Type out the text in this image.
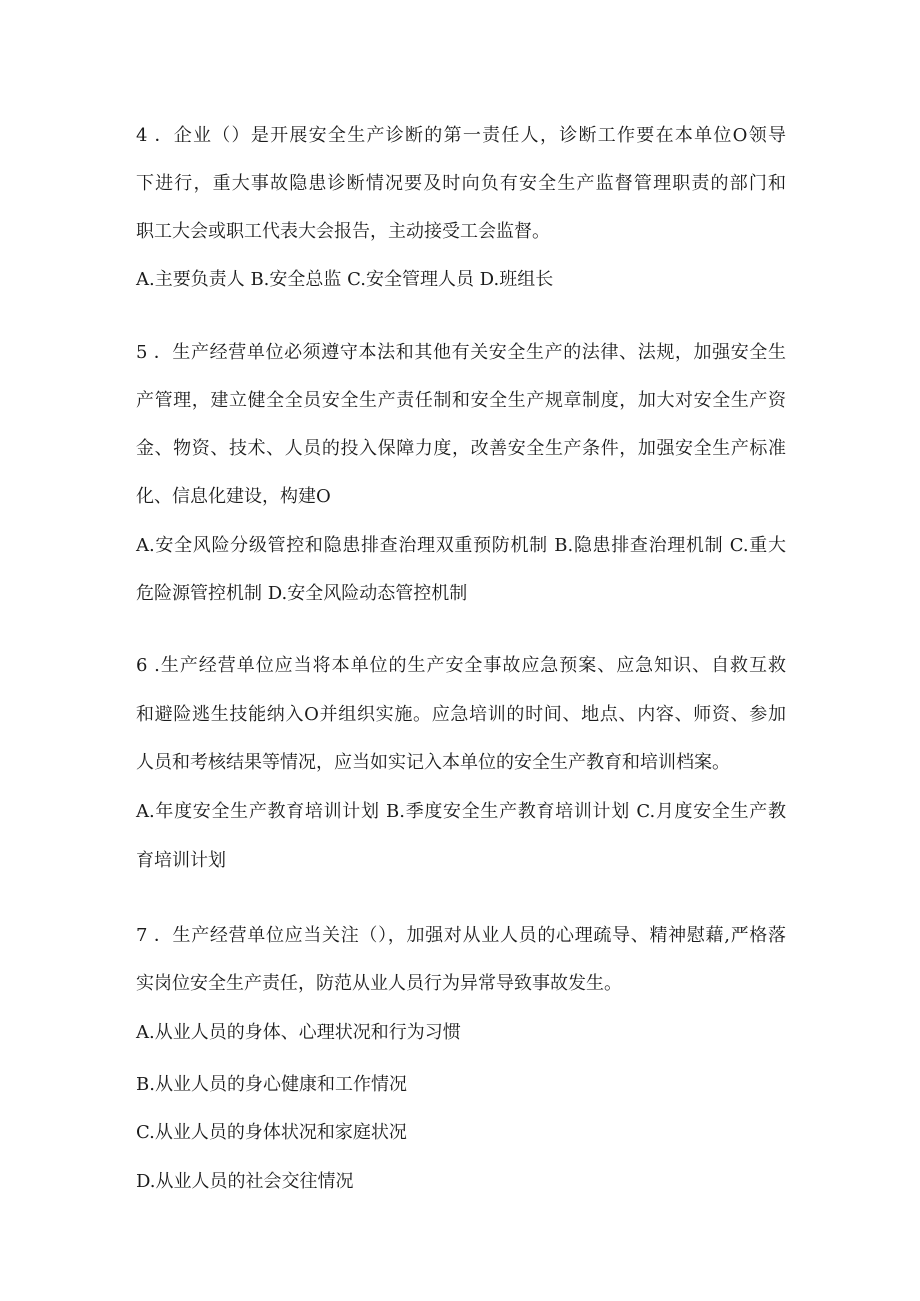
4 ．企业（）是开展安全生产诊断的第一责任人，诊断工作要在本单位O领导
下进行，重大事故隐患诊断情况要及时向负有安全生产监督管理职责的部门和
职工大会或职工代表大会报告，主动接受工会监督。
A.主要负责人 B.安全总监 C.安全管理人员 D.班组长
5 ．生产经营单位必须遵守本法和其他有关安全生产的法律、法规，加强安全生
产管理，建立健全全员安全生产责任制和安全生产规章制度，加大对安全生产资
金、物资、技术、人员的投入保障力度，改善安全生产条件，加强安全生产标准
化、信息化建设，构建O
A.安全风险分级管控和隐患排查治理双重预防机制 B.隐患排查治理机制 C.重大
危险源管控机制 D.安全风险动态管控机制
6 .生产经营单位应当将本单位的生产安全事故应急预案、应急知识、自救互救
和避险逃生技能纳入O并组织实施。应急培训的时间、地点、内容、师资、参加
人员和考核结果等情况，应当如实记入本单位的安全生产教育和培训档案。
A.年度安全生产教育培训计划 B.季度安全生产教育培训计划 C.月度安全生产教
育培训计划
7 ．生产经营单位应当关注（），加强对从业人员的心理疏导、精神慰藉,严格落
实岗位安全生产责任，防范从业人员行为异常导致事故发生。
A.从业人员的身体、心理状况和行为习惯
B.从业人员的身心健康和工作情况
C.从业人员的身体状况和家庭状况
D.从业人员的社会交往情况
